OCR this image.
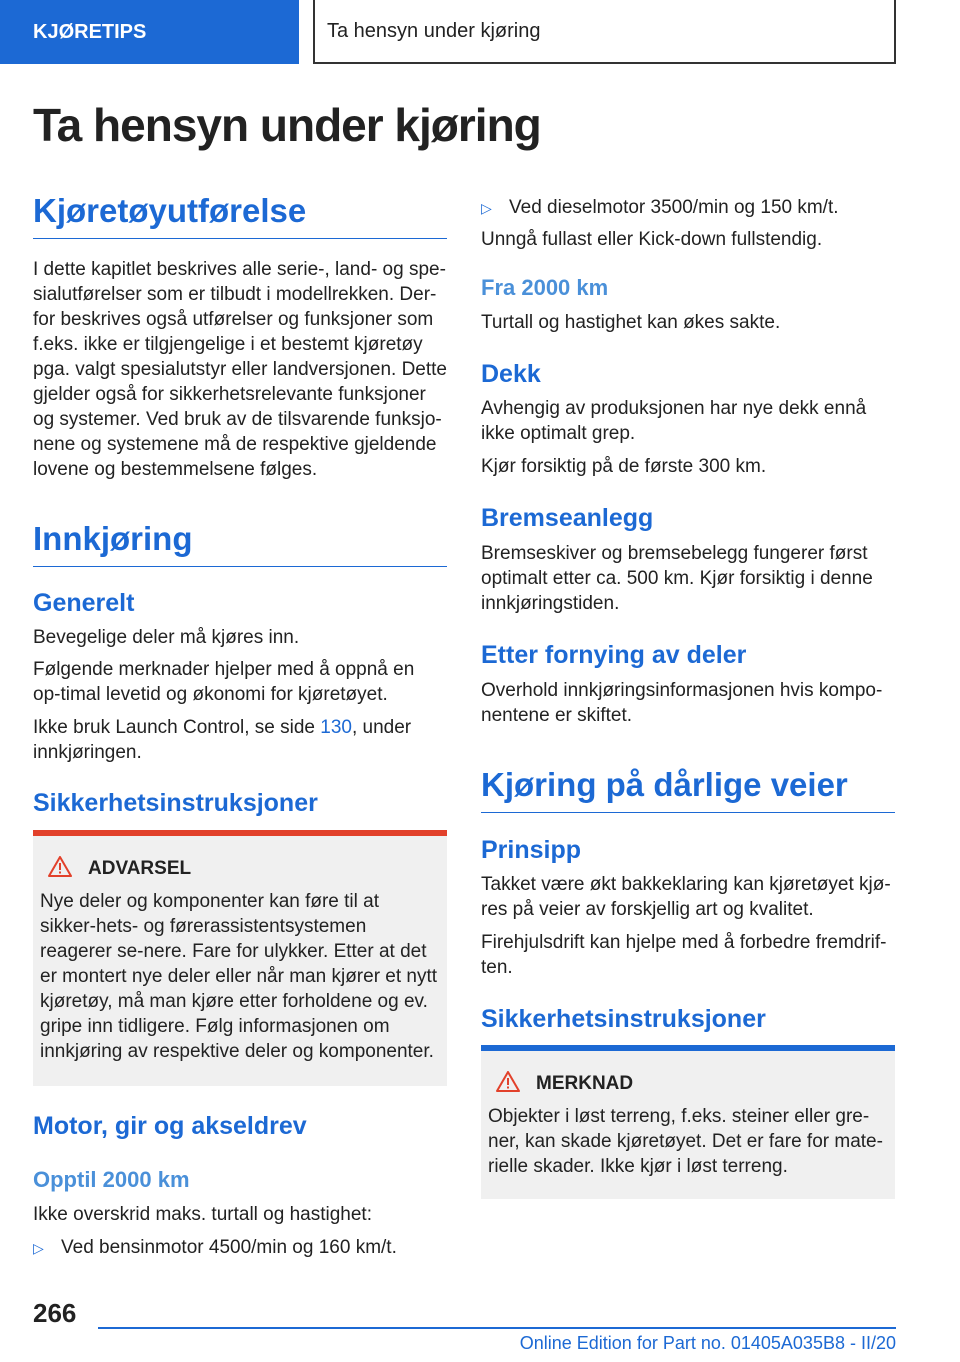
KJØRETIPS	Ta hensyn under kjøring
Ta hensyn under kjøring
Kjøretøyutførelse

I dette kapitlet beskrives alle serie-, land- og spe-sialutførelser som er tilbudt i modellrekken. Der-for beskrives også utførelser og funksjoner som f.eks. ikke er tilgjengelige i et bestemt kjøretøy pga. valgt spesialutstyr eller landversjonen. Dette gjelder også for sikkerhetsrelevante funksjoner og systemer. Ved bruk av de tilsvarende funksjo-nene og systemene må de respektive gjeldende lovene og bestemmelsene følges.

Innkjøring
Generelt

Bevegelige deler må kjøres inn.

Følgende merknader hjelper med å oppnå en op-timal levetid og økonomi for kjøretøyet.

Ikke bruk Launch Control, se side 130, under innkjøringen.

Sikkerhetsinstruksjoner
ADVARSEL

Nye deler og komponenter kan føre til at sikker-hets- og førerassistentsystemen reagerer se-nere. Fare for ulykker. Etter at det er montert nye deler eller når man kjører et nytt kjøretøy, må man kjøre etter forholdene og ev. gripe inn tidligere. Følg informasjonen om innkjøring av respektive deler og komponenter.

Motor, gir og akseldrev
Opptil 2000 km

Ikke overskrid maks. turtall og hastighet:

▷ Ved bensinmotor 4500/min og 160 km/t.
▷ Ved dieselmotor 3500/min og 150 km/t.

Unngå fullast eller Kick-down fullstendig.

Fra 2000 km

Turtall og hastighet kan økes sakte.

Dekk

Avhengig av produksjonen har nye dekk ennå ikke optimalt grep.

Kjør forsiktig på de første 300 km.

Bremseanlegg

Bremseskiver og bremsebelegg fungerer først optimalt etter ca. 500 km. Kjør forsiktig i denne innkjøringstiden.

Etter fornying av deler

Overhold innkjøringsinformasjonen hvis kompo-nentene er skiftet.

Kjøring på dårlige veier
Prinsipp

Takket være økt bakkeklaring kan kjøretøyet kjø-res på veier av forskjellig art og kvalitet.

Firehjulsdrift kan hjelpe med å forbedre fremdrif-ten.

Sikkerhetsinstruksjoner
MERKNAD

Objekter i løst terreng, f.eks. steiner eller gre-ner, kan skade kjøretøyet. Det er fare for mate-rielle skader. Ikke kjør i løst terreng.

266
Online Edition for Part no. 01405A035B8 - II/20
